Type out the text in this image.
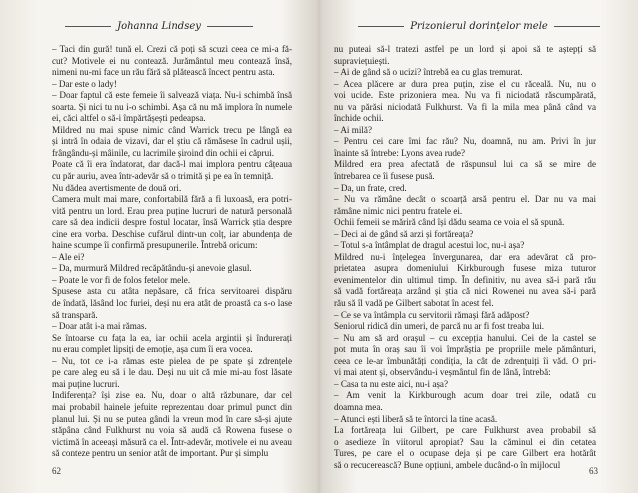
Johanna Lindsey
– Taci din gură! tună el. Crezi că poți să scuzi ceea ce mi-a fă-
cut? Motivele ei nu contează. Jurământul meu contează însă,
nimeni nu-mi face un rău fără să plătească încect pentru asta.
– Dar este o lady!
– Doar faptul că este femeie îi salvează viața. Nu-i schimbă însă
soarta. Și nici tu nu i-o schimbi. Așa că nu mă implora în numele
ei, căci altfel o să-i împărtășești pedeapsa.
Mildred nu mai spuse nimic când Warrick trecu pe lângă ea
și intră în odaia de vizavi, dar el știu că rămăsese în cadrul ușii,
frângându-și mâinile, cu lacrimile șiroind din ochii ei căprui.
Poate că îi era îndatorat, dar dacă-l mai implora pentru câțeaua
cu păr auriu, avea într-adevăr să o trimită și pe ea în temniță.
Nu dădea avertismente de două ori.
Camera mult mai mare, confortabilă fără a fi luxoasă, era potri-
vită pentru un lord. Erau prea puține lucruri de natură personală
care să dea indicii despre fostul locatar, însă Warrick știa despre
cine era vorba. Deschise cufărul dintr-un colț, iar abundența de
haine scumpe îi confirmă presupunerile. Întrebă oricum:
– Ale ei?
– Da, murmură Mildred recăpătându-și anevoie glasul.
– Poate le vor fi de folos fetelor mele.
Spusese asta cu atâta nepăsare, că frica servitoarei dispăru
de îndată, lăsând loc furiei, deși nu era atât de proastă ca s-o lase
să transpară.
– Doar atât i-a mai rămas.
Se întoarse cu fața la ea, iar ochii acela argintii și îndurerați
nu erau complet lipsiți de emoție, așa cum îi era vocea.
– Nu, tot ce i-a rămas este pielea de pe spate și zdrențele
pe care aleg eu să i le dau. Deși nu uit că mie mi-au fost lăsate
mai puține lucruri.
Indiferența? își zise ea. Nu, doar o altă răzbunare, dar cel
mai probabil hainele jefuite reprezentau doar primul punct din
planul lui. Și nu se putea gândi la vreun mod în care să-și ajute
stăpâna când Fulkhurst nu voia să audă că Rowena fusese o
victimă în aceeași măsură ca el. Într-adevăr, motivele ei nu aveau
să conteze pentru un senior atât de important. Pur și simplu
62
Prizonierul dorințelor mele
nu puteai să-l tratezi astfel pe un lord și apoi să te aștepți să
supraviețuiești.
– Ai de gând să o ucizi? întrebă ea cu glas tremurat.
– Acea plăcere ar dura prea puțin, zise el cu răceală. Nu, nu o
voi ucide. Este prizoniera mea. Nu va fi niciodată răscumpărată,
nu va părăsi niciodată Fulkhurst. Va fi la mila mea până când va
închide ochii.
– Ai milă?
– Pentru cei care îmi fac rău? Nu, doamnă, nu am. Privi în jur
înainte să întrebe: Lyons avea rude?
Mildred era prea afectată de răspunsul lui ca să se mire de
întrebarea ce îi fusese pusă.
– Da, un frate, cred.
– Nu va rămâne decât o scoarță arsă pentru el. Dar nu va mai
rămâne nimic nici pentru fratele ei.
Ochii femeii se măriră când își dădu seama ce voia el să spună.
– Deci ai de gând să arzi și fortăreața?
– Totul s-a întâmplat de dragul acestui loc, nu-i așa?
Mildred nu-i înțelegea învergunarea, dar era adevărat că pro-
prietatea asupra domeniului Kirkburough fusese miza tuturor
evenimentelor din ultimul timp. În definitiv, nu avea să-i pară rău
să vadă fortăreața arzând și știa că nici Rowenei nu avea să-i pară
rău să îl vadă pe Gilbert sabotat în acest fel.
– Ce se va întâmpla cu servitorii rămași fără adăpost?
Seniorul ridică din umeri, de parcă nu ar fi fost treaba lui.
– Nu am să ard orașul – cu excepția hanului. Cei de la castel se
pot muta în oraș sau îi voi împrăștia pe propriile mele pământuri,
ceea ce le-ar îmbunătăți condiția, la cât de zdrențuiți îi văd. O pri-
vi mai atent și, observându-i veșmântul fin de lână, întrebă:
– Casa ta nu este aici, nu-i așa?
– Am venit la Kirkburough acum doar trei zile, odată cu
doamna mea.
– Atunci ești liberă să te întorci la tine acasă.
La fortăreața lui Gilbert, pe care Fulkhurst avea probabil să
o asedieze în viitorul apropiat? Sau la căminul ei din cetatea
Tures, pe care el o ocupase deja și pe care Gilbert era hotărât
să o recucerească? Bune opțiuni, ambele ducând-o în mijlocul
63
